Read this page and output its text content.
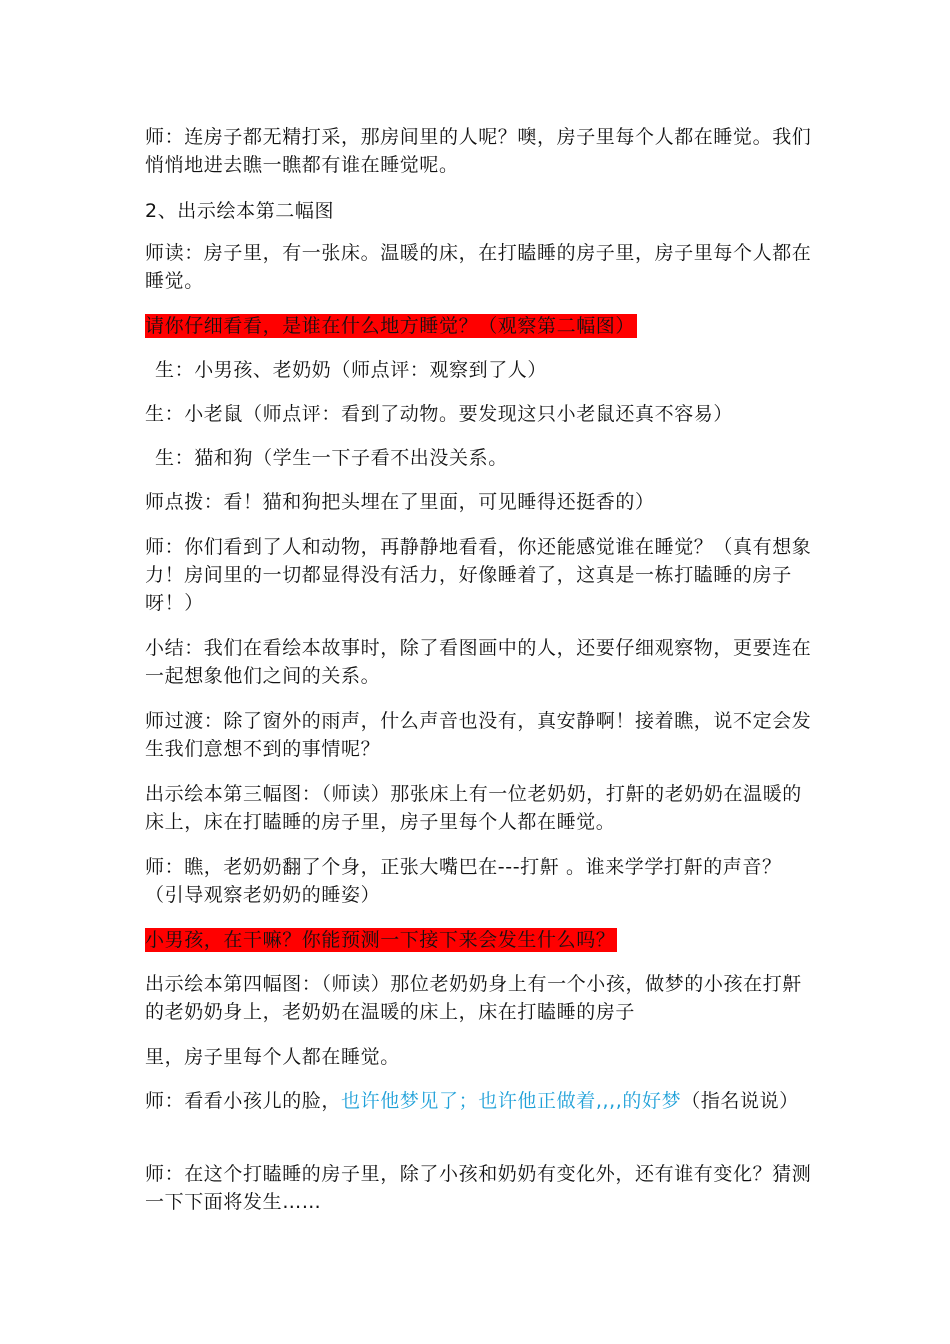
师：连房子都无精打采，那房间里的人呢？噢，房子里每个人都在睡觉。我们悄悄地进去瞧一瞧都有谁在睡觉呢。

2、出示绘本第二幅图

师读：房子里，有一张床。温暖的床，在打瞌睡的房子里，房子里每个人都在睡觉。

请你仔细看看，是谁在什么地方睡觉？（观察第二幅图）

生：小男孩、老奶奶（师点评：观察到了人）

生：小老鼠（师点评：看到了动物。要发现这只小老鼠还真不容易）

生：猫和狗（学生一下子看不出没关系。

师点拨：看！猫和狗把头埋在了里面，可见睡得还挺香的）

师：你们看到了人和动物，再静静地看看，你还能感觉谁在睡觉？（真有想象力！房间里的一切都显得没有活力，好像睡着了，这真是一栋打瞌睡的房子呀！）

小结：我们在看绘本故事时，除了看图画中的人，还要仔细观察物，更要连在一起想象他们之间的关系。

师过渡：除了窗外的雨声，什么声音也没有，真安静啊！接着瞧，说不定会发生我们意想不到的事情呢？

出示绘本第三幅图：（师读）那张床上有一位老奶奶，打鼾的老奶奶在温暖的床上，床在打瞌睡的房子里，房子里每个人都在睡觉。

师：瞧，老奶奶翻了个身，正张大嘴巴在---打鼾 。谁来学学打鼾的声音？（引导观察老奶奶的睡姿）

小男孩，在干嘛？你能预测一下接下来会发生什么吗？

出示绘本第四幅图：（师读）那位老奶奶身上有一个小孩，做梦的小孩在打鼾的老奶奶身上，老奶奶在温暖的床上，床在打瞌睡的房子

里，房子里每个人都在睡觉。

师：看看小孩儿的脸，也许他梦见了；也许他正做着,,,,的好梦（指名说说）

师：在这个打瞌睡的房子里，除了小孩和奶奶有变化外，还有谁有变化？猜测一下下面将发生……
